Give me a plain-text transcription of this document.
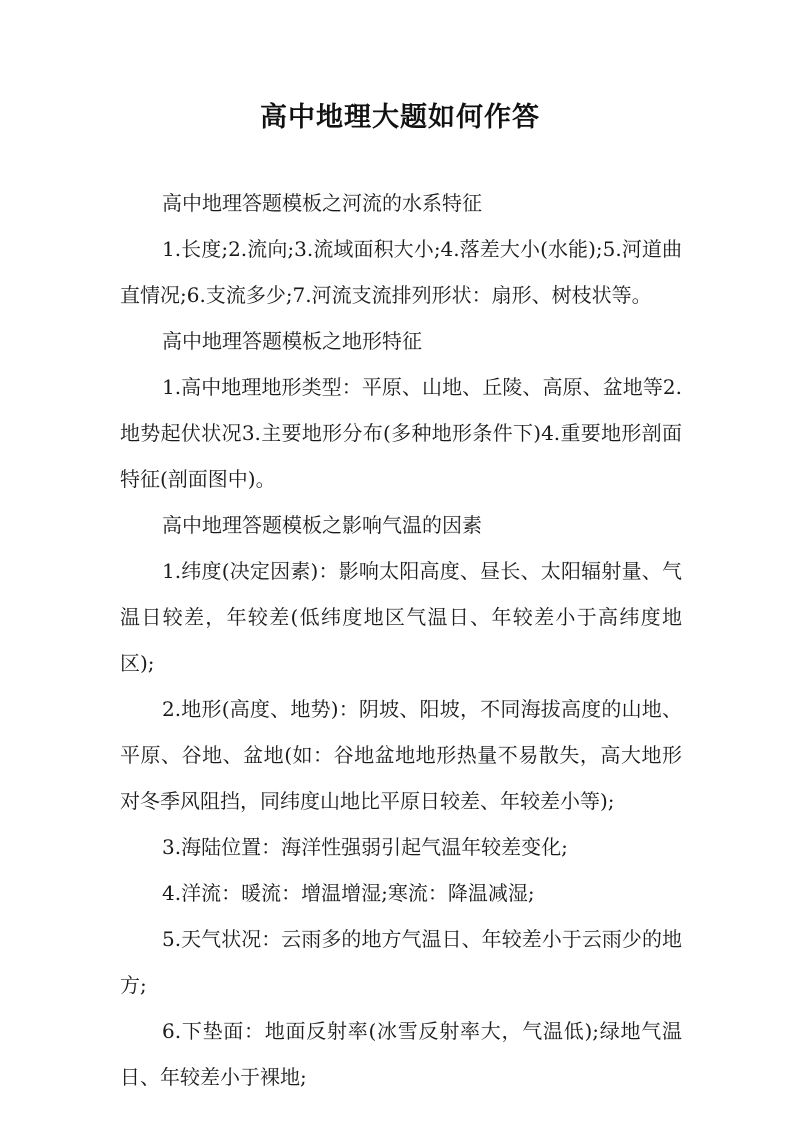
高中地理大题如何作答

高中地理答题模板之河流的水系特征

1.长度;2.流向;3.流域面积大小;4.落差大小(水能);5.河道曲直情况;6.支流多少;7.河流支流排列形状：扇形、树枝状等。

高中地理答题模板之地形特征

1.高中地理地形类型：平原、山地、丘陵、高原、盆地等2.地势起伏状况3.主要地形分布(多种地形条件下)4.重要地形剖面特征(剖面图中)。

高中地理答题模板之影响气温的因素

1.纬度(决定因素)：影响太阳高度、昼长、太阳辐射量、气温日较差，年较差(低纬度地区气温日、年较差小于高纬度地区);

2.地形(高度、地势)：阴坡、阳坡，不同海拔高度的山地、平原、谷地、盆地(如：谷地盆地地形热量不易散失，高大地形对冬季风阻挡，同纬度山地比平原日较差、年较差小等);

3.海陆位置：海洋性强弱引起气温年较差变化;

4.洋流：暖流：增温增湿;寒流：降温减湿;

5.天气状况：云雨多的地方气温日、年较差小于云雨少的地方;

6.下垫面：地面反射率(冰雪反射率大，气温低);绿地气温日、年较差小于裸地;
